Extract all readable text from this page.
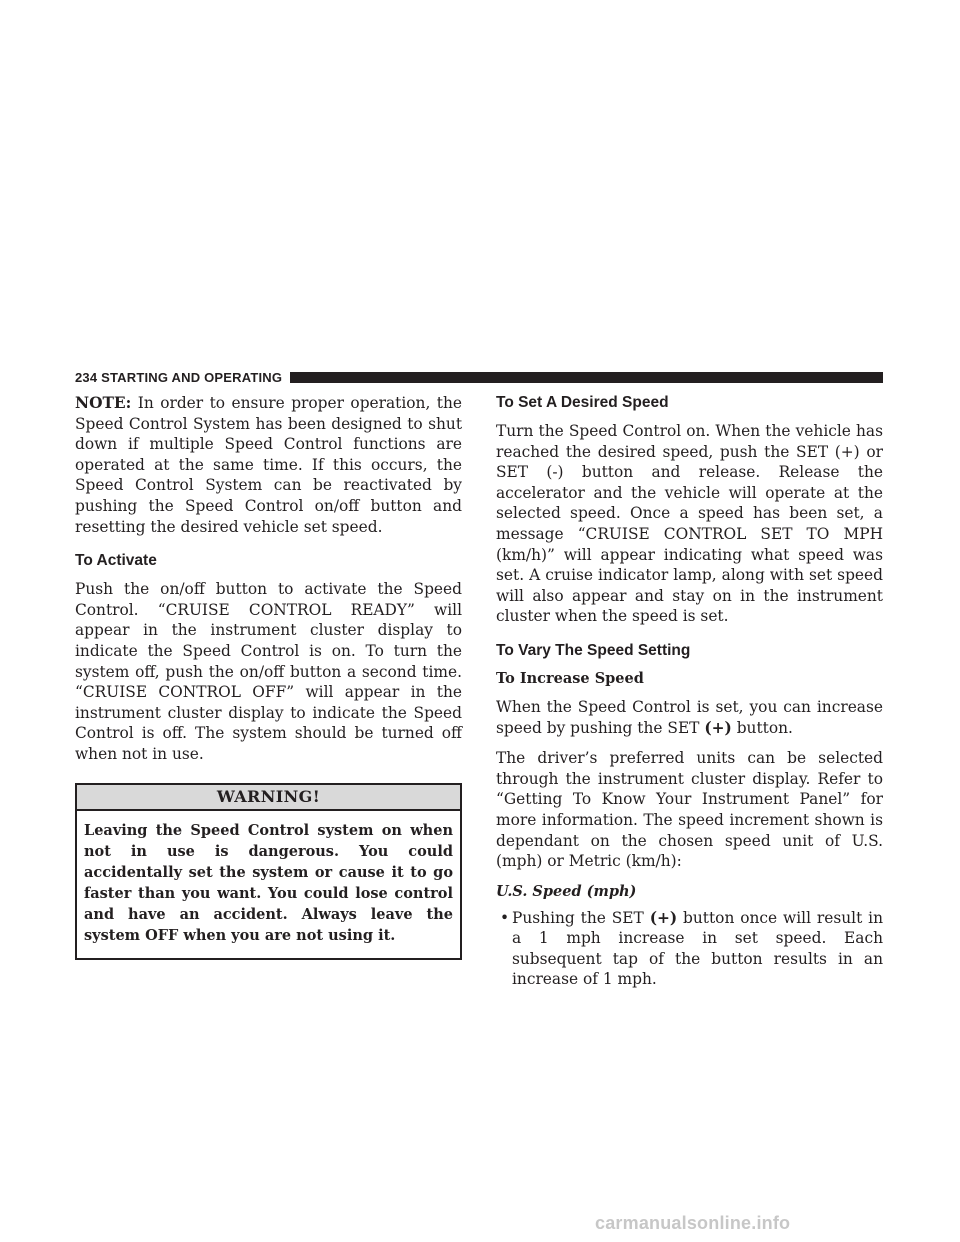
234 STARTING AND OPERATING

NOTE: In order to ensure proper operation, the Speed Control System has been designed to shut down if multiple Speed Control functions are operated at the same time. If this occurs, the Speed Control System can be reactivated by pushing the Speed Control on/off button and resetting the desired vehicle set speed.

To Activate

Push the on/off button to activate the Speed Control. “CRUISE CONTROL READY” will appear in the instrument cluster display to indicate the Speed Control is on. To turn the system off, push the on/off button a second time. “CRUISE CONTROL OFF” will appear in the instrument cluster display to indicate the Speed Control is off. The system should be turned off when not in use.

WARNING!
Leaving the Speed Control system on when not in use is dangerous. You could accidentally set the system or cause it to go faster than you want. You could lose control and have an accident. Always leave the system OFF when you are not using it.
To Set A Desired Speed

Turn the Speed Control on. When the vehicle has reached the desired speed, push the SET (+) or SET (-) button and release. Release the accelerator and the vehicle will operate at the selected speed. Once a speed has been set, a message “CRUISE CONTROL SET TO MPH (km/h)” will appear indicating what speed was set. A cruise indicator lamp, along with set speed will also appear and stay on in the instrument cluster when the speed is set.

To Vary The Speed Setting
To Increase Speed

When the Speed Control is set, you can increase speed by pushing the SET (+) button.

The driver’s preferred units can be selected through the instrument cluster display. Refer to “Getting To Know Your Instrument Panel” for more information. The speed increment shown is dependant on the chosen speed unit of U.S. (mph) or Metric (km/h):

U.S. Speed (mph)
• Pushing the SET (+) button once will result in a 1 mph increase in set speed. Each subsequent tap of the button results in an increase of 1 mph.
carmanualsonline.info
